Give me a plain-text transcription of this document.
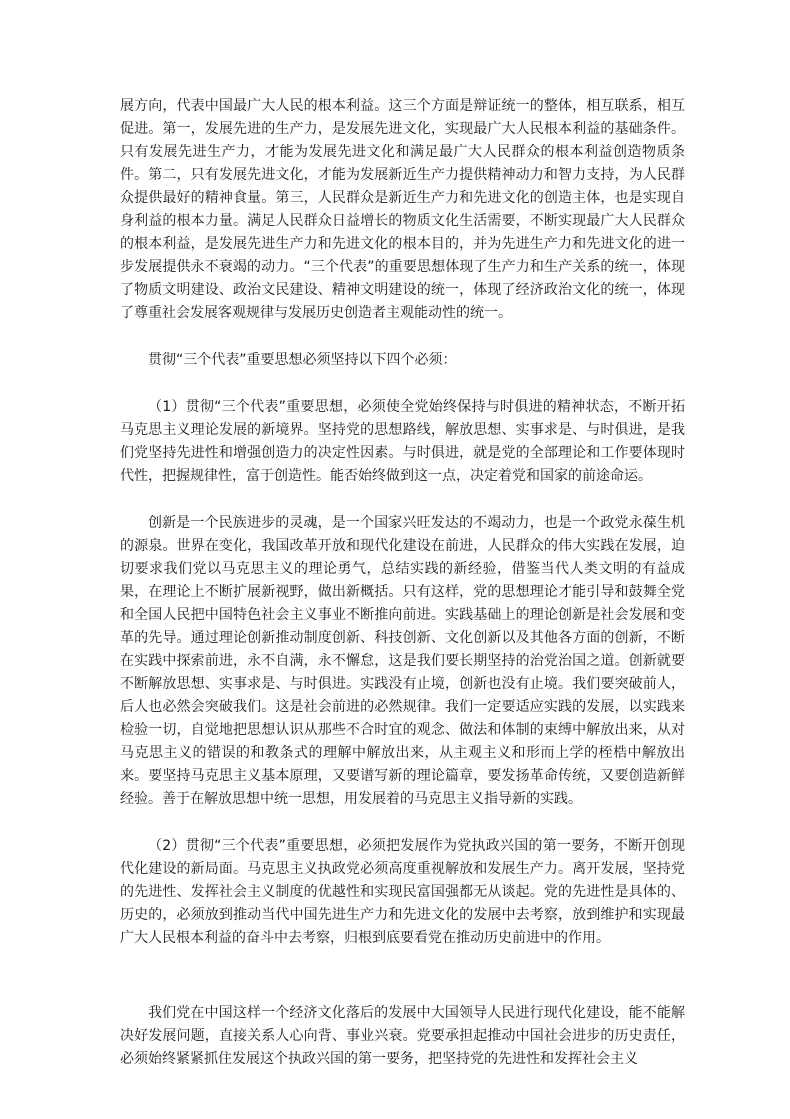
展方向，代表中国最广大人民的根本利益。这三个方面是辩证统一的整体，相互联系，相互促进。第一，发展先进的生产力，是发展先进文化，实现最广大人民根本利益的基础条件。只有发展先进生产力，才能为发展先进文化和满足最广大人民群众的根本利益创造物质条件。第二，只有发展先进文化，才能为发展新近生产力提供精神动力和智力支持，为人民群众提供最好的精神食量。第三，人民群众是新近生产力和先进文化的创造主体，也是实现自身利益的根本力量。满足人民群众日益增长的物质文化生活需要，不断实现最广大人民群众的根本利益，是发展先进生产力和先进文化的根本目的，并为先进生产力和先进文化的进一步发展提供永不衰竭的动力。“三个代表”的重要思想体现了生产力和生产关系的统一，体现了物质文明建设、政治文民建设、精神文明建设的统一，体现了经济政治文化的统一，体现了尊重社会发展客观规律与发展历史创造者主观能动性的统一。

贯彻“三个代表”重要思想必须坚持以下四个必须：

（1）贯彻“三个代表”重要思想，必须使全党始终保持与时俱进的精神状态，不断开拓马克思主义理论发展的新境界。坚持党的思想路线，解放思想、实事求是、与时俱进，是我们党坚持先进性和增强创造力的决定性因素。与时俱进，就是党的全部理论和工作要体现时代性，把握规律性，富于创造性。能否始终做到这一点，决定着党和国家的前途命运。

创新是一个民族进步的灵魂，是一个国家兴旺发达的不竭动力，也是一个政党永葆生机的源泉。世界在变化，我国改革开放和现代化建设在前进，人民群众的伟大实践在发展，迫切要求我们党以马克思主义的理论勇气，总结实践的新经验，借鉴当代人类文明的有益成果，在理论上不断扩展新视野，做出新概括。只有这样，党的思想理论才能引导和鼓舞全党和全国人民把中国特色社会主义事业不断推向前进。实践基础上的理论创新是社会发展和变革的先导。通过理论创新推动制度创新、科技创新、文化创新以及其他各方面的创新，不断在实践中探索前进，永不自满，永不懈怠，这是我们要长期坚持的治党治国之道。创新就要不断解放思想、实事求是、与时俱进。实践没有止境，创新也没有止境。我们要突破前人，后人也必然会突破我们。这是社会前进的必然规律。我们一定要适应实践的发展，以实践来检验一切，自觉地把思想认识从那些不合时宜的观念、做法和体制的束缚中解放出来，从对马克思主义的错误的和教条式的理解中解放出来，从主观主义和形而上学的桎梏中解放出来。要坚持马克思主义基本原理，又要谱写新的理论篇章，要发扬革命传统，又要创造新鲜经验。善于在解放思想中统一思想，用发展着的马克思主义指导新的实践。

（2）贯彻“三个代表”重要思想，必须把发展作为党执政兴国的第一要务，不断开创现代化建设的新局面。马克思主义执政党必须高度重视解放和发展生产力。离开发展，坚持党的先进性、发挥社会主义制度的优越性和实现民富国强都无从谈起。党的先进性是具体的、历史的，必须放到推动当代中国先进生产力和先进文化的发展中去考察，放到维护和实现最广大人民根本利益的奋斗中去考察，归根到底要看党在推动历史前进中的作用。

我们党在中国这样一个经济文化落后的发展中大国领导人民进行现代化建设，能不能解决好发展问题，直接关系人心向背、事业兴衰。党要承担起推动中国社会进步的历史责任，必须始终紧紧抓住发展这个执政兴国的第一要务，把坚持党的先进性和发挥社会主义
